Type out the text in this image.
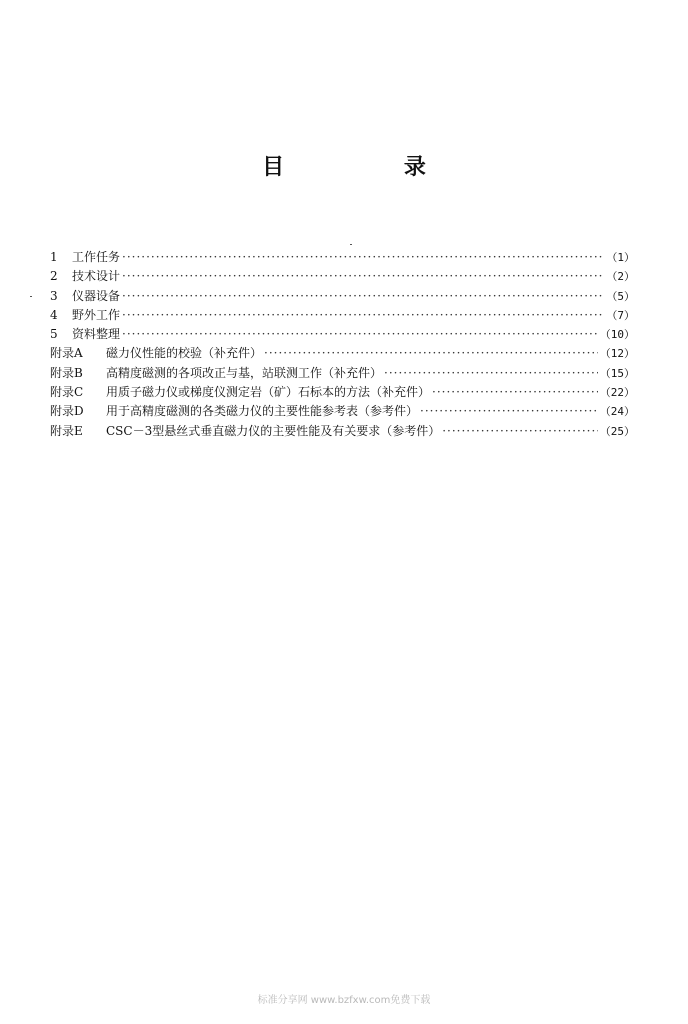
目 录
1	工作任务 ·····	（1）
2	技术设计 ·····	（2）
3	仪器设备 ·····	（5）
4	野外工作 ·····	（7）
5	资料整理 ·····	（10）
附录A	磁力仪性能的校验（补充件） ·····	（12）
附录B	高精度磁测的各项改正与基，站联测工作（补充件） ·····	（15）
附录C	用质子磁力仪或梯度仪测定岩（矿）石标本的方法（补充件） ·····	（22）
附录D	用于高精度磁测的各类磁力仪的主要性能参考表（参考件） ·····	（24）
附录E	CSC－3型悬丝式垂直磁力仪的主要性能及有关要求（参考件） ·····	（25）
标准分享网 www.bzfxw.com免费下载
